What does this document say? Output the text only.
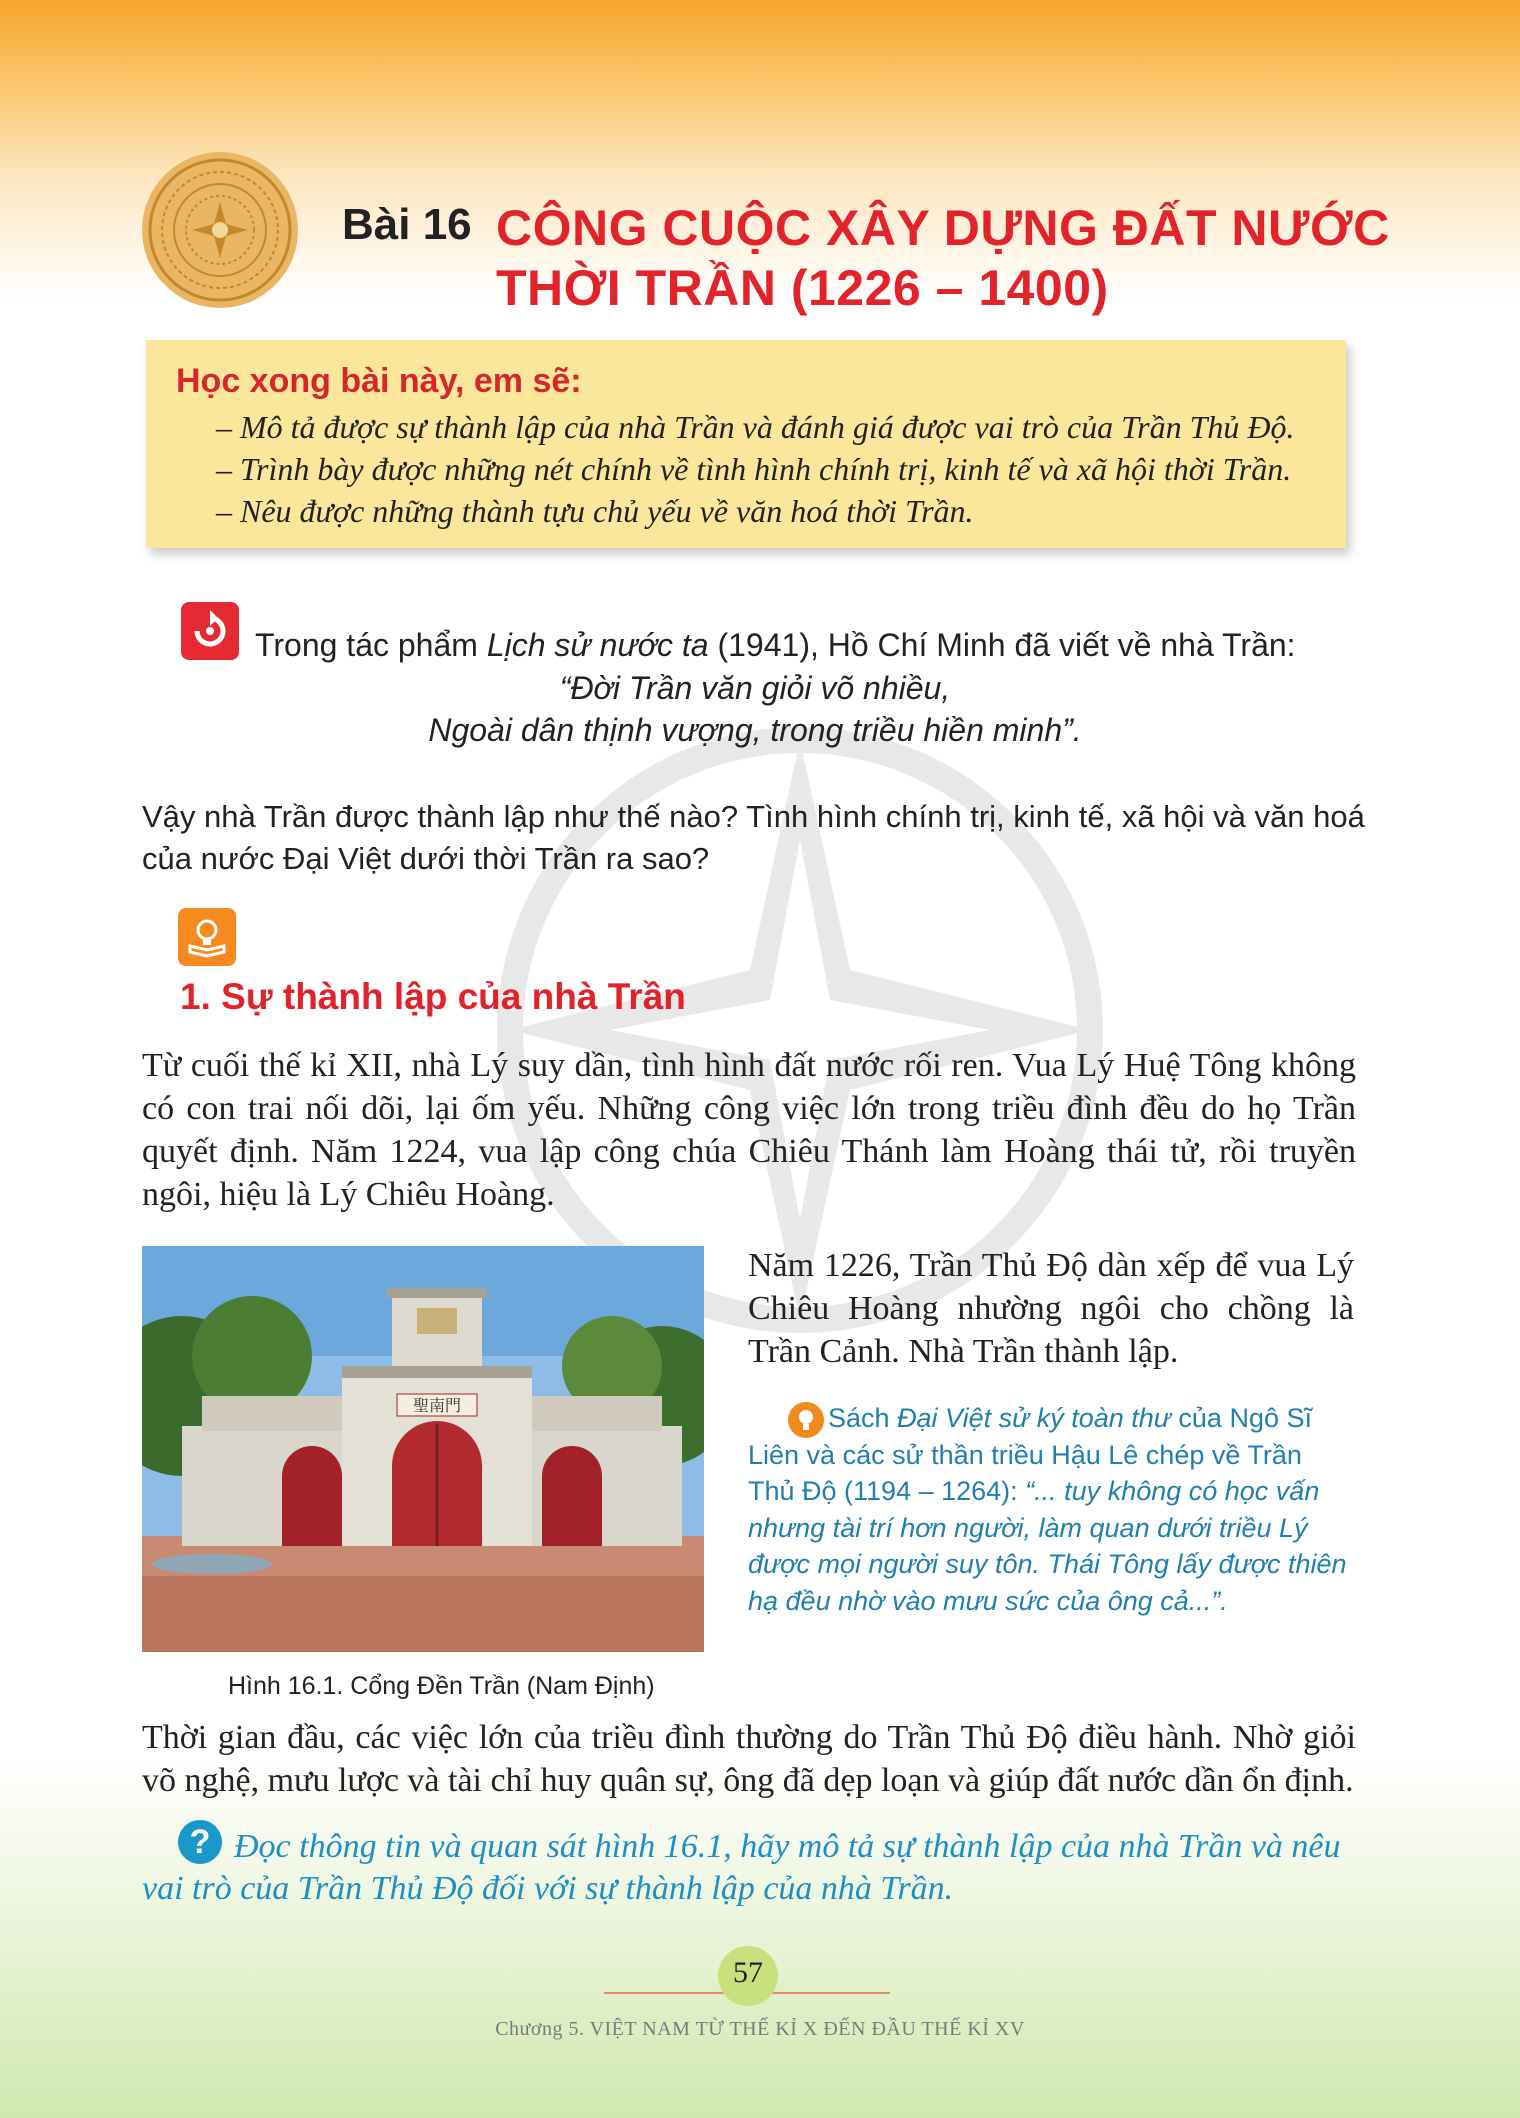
Bài 16 CÔNG CUỘC XÂY DỰNG ĐẤT NƯỚC
THỜI TRẦN (1226 – 1400)
Học xong bài này, em sẽ:
– Mô tả được sự thành lập của nhà Trần và đánh giá được vai trò của Trần Thủ Độ.
– Trình bày được những nét chính về tình hình chính trị, kinh tế và xã hội thời Trần.
– Nêu được những thành tựu chủ yếu về văn hoá thời Trần.
Trong tác phẩm Lịch sử nước ta (1941), Hồ Chí Minh đã viết về nhà Trần:
“Đời Trần văn giỏi võ nhiều,
Ngoài dân thịnh vượng, trong triều hiền minh”.
Vậy nhà Trần được thành lập như thế nào? Tình hình chính trị, kinh tế, xã hội và văn hoá của nước Đại Việt dưới thời Trần ra sao?
1. Sự thành lập của nhà Trần
Từ cuối thế kỉ XII, nhà Lý suy dần, tình hình đất nước rối ren. Vua Lý Huệ Tông không có con trai nối dõi, lại ốm yếu. Những công việc lớn trong triều đình đều do họ Trần quyết định. Năm 1224, vua lập công chúa Chiêu Thánh làm Hoàng thái tử, rồi truyền ngôi, hiệu là Lý Chiêu Hoàng.
聖南門
Hình 16.1. Cổng Đền Trần (Nam Định)
Năm 1226, Trần Thủ Độ dàn xếp để vua Lý Chiêu Hoàng nhường ngôi cho chồng là Trần Cảnh. Nhà Trần thành lập.
Sách Đại Việt sử ký toàn thư của Ngô Sĩ Liên và các sử thần triều Hậu Lê chép về Trần Thủ Độ (1194 – 1264): “... tuy không có học vấn nhưng tài trí hơn người, làm quan dưới triều Lý được mọi người suy tôn. Thái Tông lấy được thiên hạ đều nhờ vào mưu sức của ông cả...”.
Thời gian đầu, các việc lớn của triều đình thường do Trần Thủ Độ điều hành. Nhờ giỏi võ nghệ, mưu lược và tài chỉ huy quân sự, ông đã dẹp loạn và giúp đất nước dần ổn định.
Đọc thông tin và quan sát hình 16.1, hãy mô tả sự thành lập của nhà Trần và nêu vai trò của Trần Thủ Độ đối với sự thành lập của nhà Trần.
?
57
Chương 5. VIỆT NAM TỪ THẾ KỈ X ĐẾN ĐẦU THẾ KỈ XV
